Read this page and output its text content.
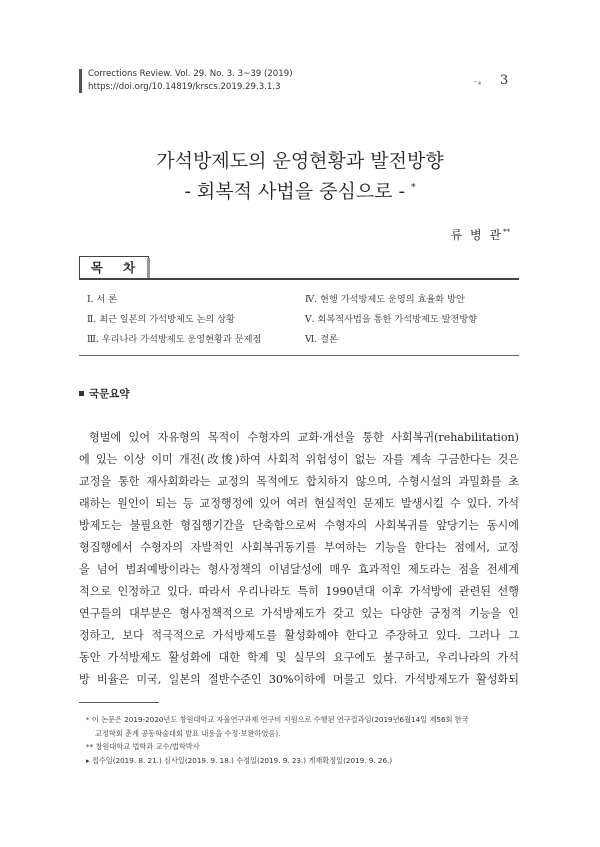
Corrections Review. Vol. 29. No. 3. 3~39 (2019)
https://doi.org/10.14819/krscs.2019.29.3.1.3	ᄫ4 3
가석방제도의 운영현황과 발전방향
- 회복적 사법을 중심으로 - *
류 병 관**
목 차
Ⅰ. 서 론
Ⅱ. 최근 일본의 가석방제도 논의 상황
Ⅲ. 우리나라 가석방제도 운영현황과 문제점
Ⅳ. 현행 가석방제도 운영의 효율화 방안
Ⅴ. 회복적사법을 통한 가석방제도 발전방향
Ⅵ. 결론
국문요약
형벌에 있어 자유형의 목적이 수형자의 교화·개선을 통한 사회복귀(rehabilitation)
에 있는 이상 이미 개전(改悛)하여 사회적 위험성이 없는 자를 계속 구금한다는 것은
교정을 통한 재사회화라는 교정의 목적에도 합치하지 않으며, 수형시설의 과밀화를 초
래하는 원인이 되는 등 교정행정에 있어 여러 현실적인 문제도 발생시킬 수 있다. 가석
방제도는 불필요한 형집행기간을 단축함으로써 수형자의 사회복귀를 앞당기는 동시에
형집행에서 수형자의 자발적인 사회복귀동기를 부여하는 기능을 한다는 점에서, 교정
을 넘어 범죄예방이라는 형사정책의 이념달성에 매우 효과적인 제도라는 점을 전세계
적으로 인정하고 있다. 따라서 우리나라도 특히 1990년대 이후 가석방에 관련된 선행
연구들의 대부분은 형사정책적으로 가석방제도가 갖고 있는 다양한 긍정적 기능을 인
정하고, 보다 적극적으로 가석방제도를 활성화해야 한다고 주장하고 있다. 그러나 그
동안 가석방제도 활성화에 대한 학계 및 실무의 요구에도 불구하고, 우리나라의 가석
방 비율은 미국, 일본의 절반수준인 30%이하에 머물고 있다. 가석방제도가 활성화되
* 이 논문은 2019-2020년도 창원대학교 자율연구과제 연구비 지원으로 수행된 연구결과임(2019년6월14일 제56회 한국
교정학회 춘계 공동학술대회 발표 내용을 수정·보완하였음).
** 창원대학교 법학과 교수/법학박사
▸ 접수일(2019. 8. 21.) 심사일(2019. 9. 18.) 수정일(2019. 9. 23.) 게재확정일(2019. 9. 26.)
